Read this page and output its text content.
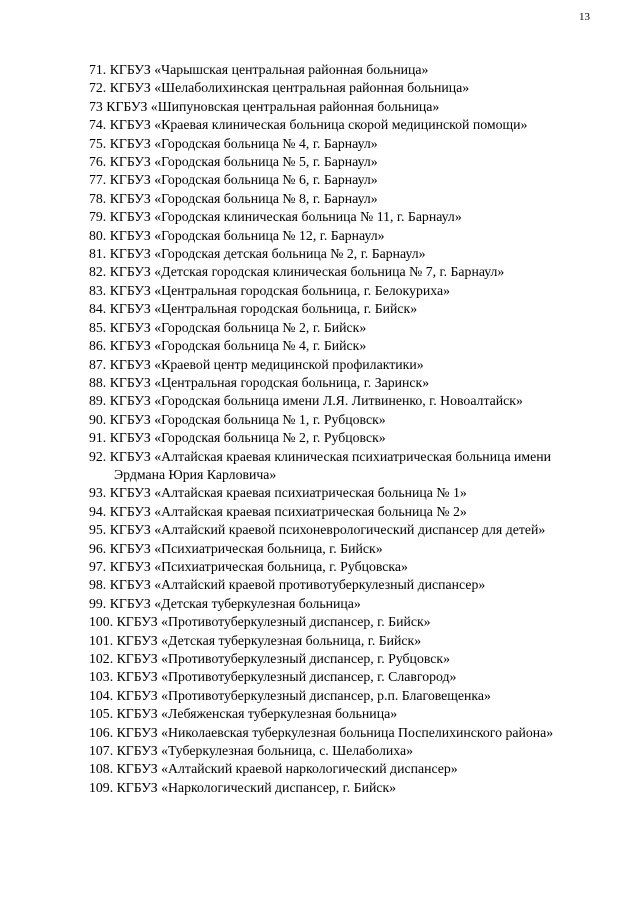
13
71. КГБУЗ «Чарышская центральная районная больница»
72. КГБУЗ «Шелаболихинская центральная районная больница»
73 КГБУЗ «Шипуновская центральная районная больница»
74. КГБУЗ «Краевая клиническая больница скорой медицинской помощи»
75. КГБУЗ «Городская больница № 4, г. Барнаул»
76. КГБУЗ «Городская больница № 5, г. Барнаул»
77. КГБУЗ «Городская больница № 6, г. Барнаул»
78. КГБУЗ «Городская больница № 8, г. Барнаул»
79. КГБУЗ «Городская клиническая больница № 11, г. Барнаул»
80. КГБУЗ «Городская больница № 12, г. Барнаул»
81. КГБУЗ «Городская детская больница № 2, г. Барнаул»
82. КГБУЗ «Детская городская клиническая больница № 7, г. Барнаул»
83. КГБУЗ «Центральная городская больница, г. Белокуриха»
84. КГБУЗ «Центральная городская больница, г. Бийск»
85. КГБУЗ «Городская больница № 2, г. Бийск»
86. КГБУЗ «Городская больница № 4, г. Бийск»
87. КГБУЗ «Краевой центр медицинской профилактики»
88. КГБУЗ «Центральная городская больница, г. Заринск»
89. КГБУЗ «Городская больница имени Л.Я. Литвиненко, г. Новоалтайск»
90. КГБУЗ «Городская больница № 1, г. Рубцовск»
91. КГБУЗ «Городская больница № 2, г. Рубцовск»
92. КГБУЗ «Алтайская краевая клиническая психиатрическая больница имени Эрдмана Юрия Карловича»
93. КГБУЗ «Алтайская краевая психиатрическая больница № 1»
94. КГБУЗ «Алтайская краевая психиатрическая больница № 2»
95. КГБУЗ «Алтайский краевой психоневрологический диспансер для детей»
96. КГБУЗ «Психиатрическая больница, г. Бийск»
97. КГБУЗ «Психиатрическая больница, г. Рубцовска»
98. КГБУЗ «Алтайский краевой противотуберкулезный диспансер»
99. КГБУЗ «Детская туберкулезная больница»
100. КГБУЗ «Противотуберкулезный диспансер, г. Бийск»
101. КГБУЗ «Детская туберкулезная больница, г. Бийск»
102. КГБУЗ «Противотуберкулезный диспансер, г. Рубцовск»
103. КГБУЗ «Противотуберкулезный диспансер, г. Славгород»
104. КГБУЗ «Противотуберкулезный диспансер, р.п. Благовещенка»
105. КГБУЗ «Лебяженская туберкулезная больница»
106. КГБУЗ «Николаевская туберкулезная больница Поспелихинского района»
107. КГБУЗ «Туберкулезная больница, с. Шелаболиха»
108. КГБУЗ «Алтайский краевой наркологический диспансер»
109. КГБУЗ «Наркологический диспансер, г. Бийск»
